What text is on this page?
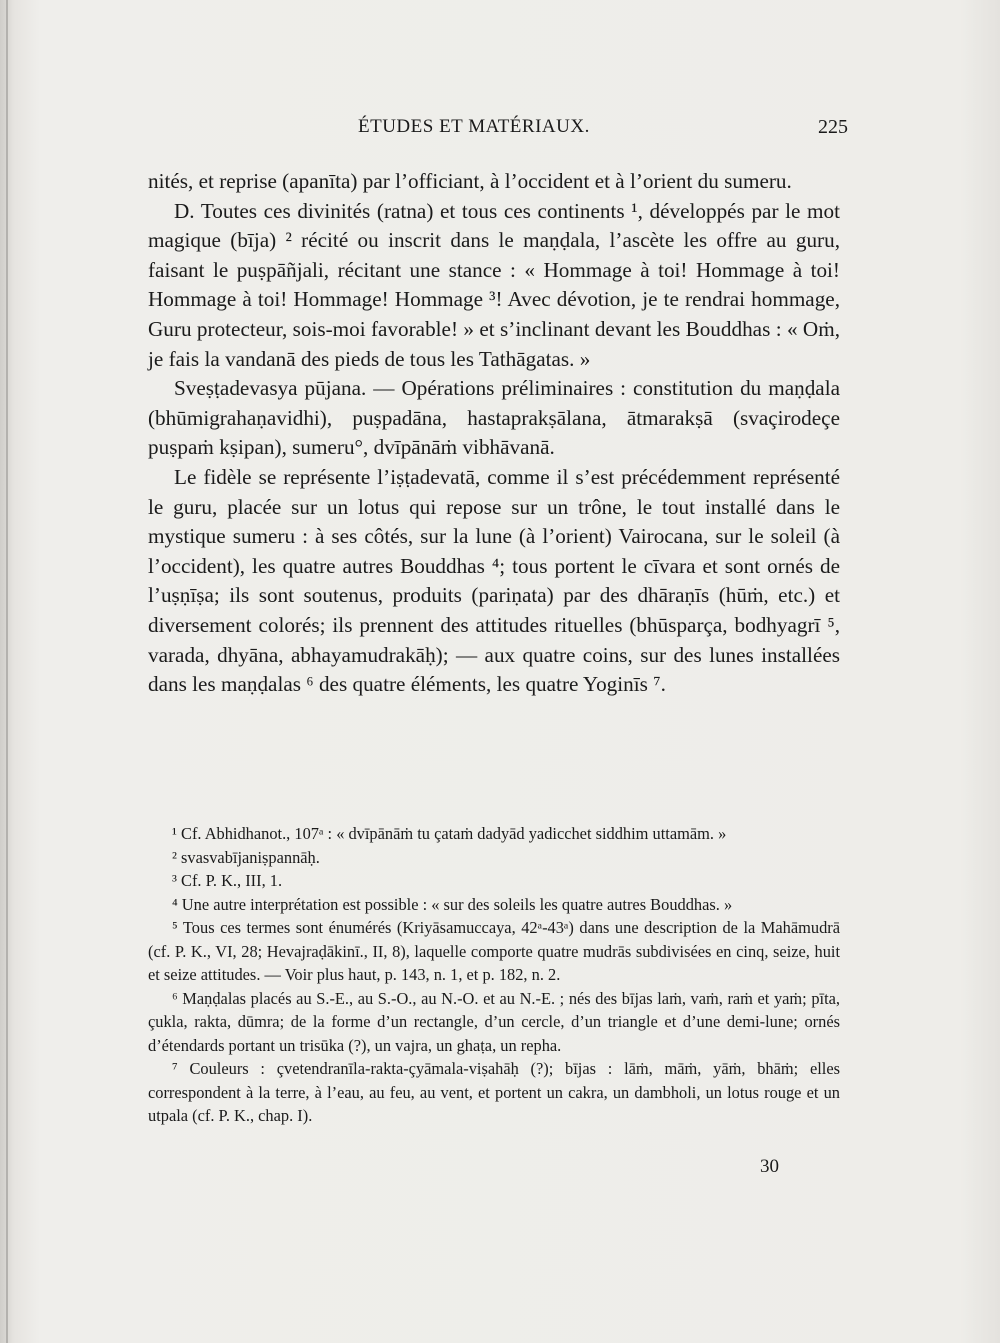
ÉTUDES ET MATÉRIAUX.	225

nités, et reprise (apanīta) par l’officiant, à l’occident et à l’orient du sumeru.

D. Toutes ces divinités (ratna) et tous ces continents ¹, développés par le mot magique (bīja) ² récité ou inscrit dans le maṇḍala, l’ascète les offre au guru, faisant le puṣpāñjali, récitant une stance : « Hommage à toi! Hommage à toi! Hommage à toi! Hommage! Hommage ³! Avec dévotion, je te rendrai hommage, Guru protecteur, sois-moi favorable! » et s’inclinant devant les Bouddhas : « Oṁ, je fais la vandanā des pieds de tous les Tathāgatas. »

Sveṣṭadevasya pūjana. — Opérations préliminaires : constitution du maṇḍala (bhūmigrahaṇavidhi), puṣpadāna, hastaprakṣālana, ātmarakṣā (svaçirodeçe puṣpaṁ kṣipan), sumeru°, dvīpānāṁ vibhāvanā.

Le fidèle se représente l’iṣṭadevatā, comme il s’est précédemment représenté le guru, placée sur un lotus qui repose sur un trône, le tout installé dans le mystique sumeru : à ses côtés, sur la lune (à l’orient) Vairocana, sur le soleil (à l’occident), les quatre autres Bouddhas ⁴; tous portent le cīvara et sont ornés de l’uṣṇīṣa; ils sont soutenus, produits (pariṇata) par des dhāraṇīs (hūṁ, etc.) et diversement colorés; ils prennent des attitudes rituelles (bhūsparça, bodhyagrī ⁵, varada, dhyāna, abhayamudrakāḥ); — aux quatre coins, sur des lunes installées dans les maṇḍalas ⁶ des quatre éléments, les quatre Yoginīs ⁷.

¹ Cf. Abhidhanot., 107ᵃ : « dvīpānāṁ tu çataṁ dadyād yadicchet siddhim uttamām. »

² svasvabījaniṣpannāḥ.

³ Cf. P. K., III, 1.

⁴ Une autre interprétation est possible : « sur des soleils les quatre autres Bouddhas. »

⁵ Tous ces termes sont énumérés (Kriyāsamuccaya, 42ᵃ-43ᵃ) dans une description de la Mahāmudrā (cf. P. K., VI, 28; Hevajraḍākinī., II, 8), laquelle comporte quatre mudrās subdivisées en cinq, seize, huit et seize attitudes. — Voir plus haut, p. 143, n. 1, et p. 182, n. 2.

⁶ Maṇḍalas placés au S.-E., au S.-O., au N.-O. et au N.-E. ; nés des bījas laṁ, vaṁ, raṁ et yaṁ; pīta, çukla, rakta, dūmra; de la forme d’un rectangle, d’un cercle, d’un triangle et d’une demi-lune; ornés d’étendards portant un trisūka (?), un vajra, un ghaṭa, un repha.

⁷ Couleurs : çvetendranīla-rakta-çyāmala-viṣahāḥ (?); bījas : lāṁ, māṁ, yāṁ, bhāṁ; elles correspondent à la terre, à l’eau, au feu, au vent, et portent un cakra, un dambholi, un lotus rouge et un utpala (cf. P. K., chap. I).

30
